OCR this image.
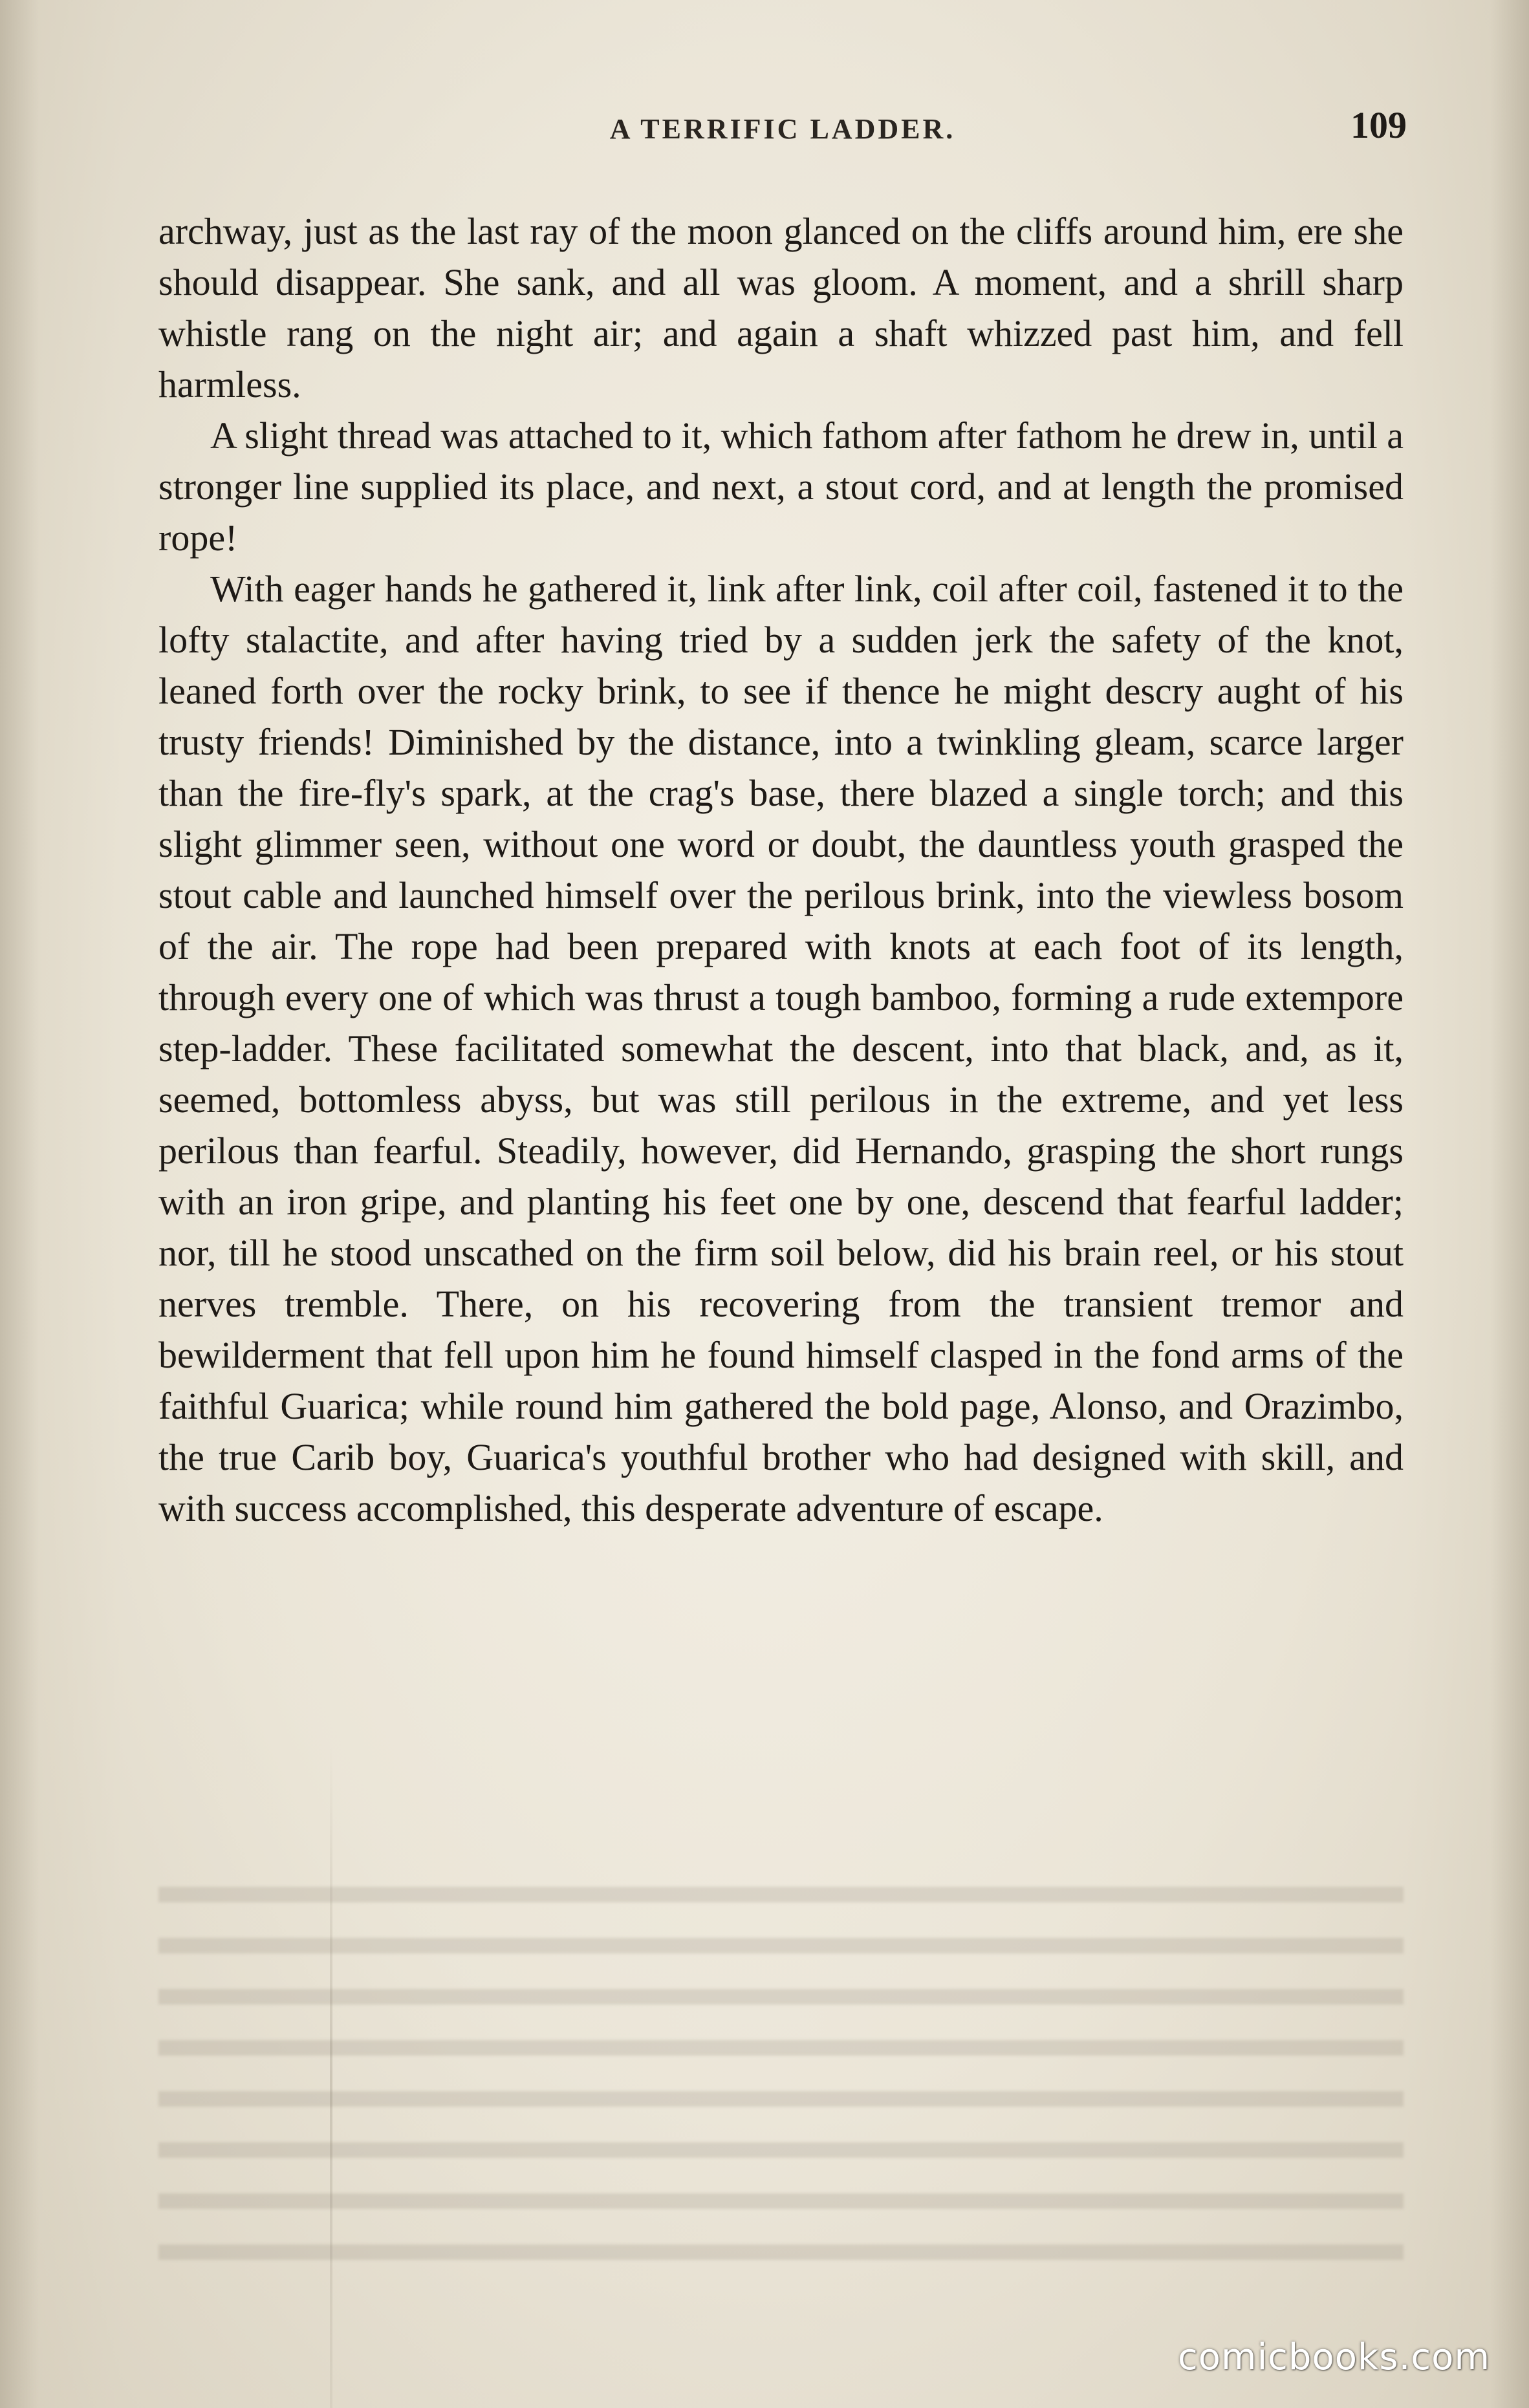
A TERRIFIC LADDER.	109

archway, just as the last ray of the moon glanced on the cliffs around him, ere she should disappear. She sank, and all was gloom. A moment, and a shrill sharp whistle rang on the night air; and again a shaft whizzed past him, and fell harmless.

A slight thread was attached to it, which fathom after fathom he drew in, until a stronger line supplied its place, and next, a stout cord, and at length the promised rope!

With eager hands he gathered it, link after link, coil after coil, fastened it to the lofty stalactite, and after having tried by a sudden jerk the safety of the knot, leaned forth over the rocky brink, to see if thence he might descry aught of his trusty friends! Diminished by the distance, into a twinkling gleam, scarce larger than the fire-fly's spark, at the crag's base, there blazed a single torch; and this slight glimmer seen, without one word or doubt, the dauntless youth grasped the stout cable and launched himself over the perilous brink, into the viewless bosom of the air. The rope had been prepared with knots at each foot of its length, through every one of which was thrust a tough bamboo, forming a rude extempore step-ladder. These facilitated somewhat the descent, into that black, and, as it, seemed, bottomless abyss, but was still perilous in the extreme, and yet less perilous than fearful. Steadily, however, did Hernando, grasping the short rungs with an iron gripe, and planting his feet one by one, descend that fearful ladder; nor, till he stood unscathed on the firm soil below, did his brain reel, or his stout nerves tremble. There, on his recovering from the transient tremor and bewilderment that fell upon him he found himself clasped in the fond arms of the faithful Guarica; while round him gathered the bold page, Alonso, and Orazimbo, the true Carib boy, Guarica's youthful brother who had designed with skill, and with success accomplished, this desperate adventure of escape.

comicbooks.com
